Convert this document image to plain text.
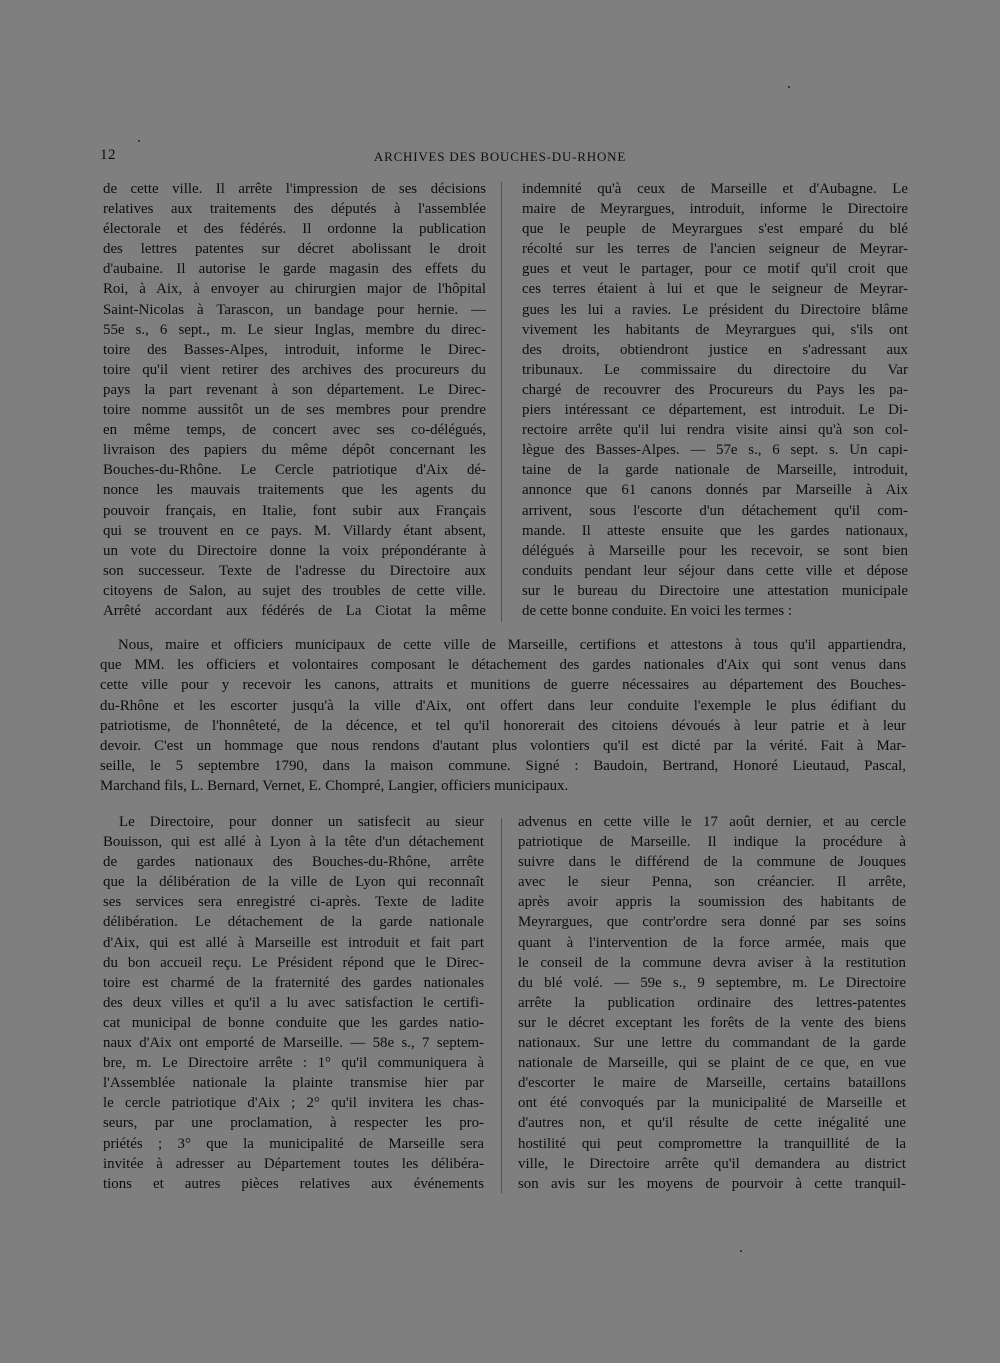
12	ARCHIVES DES BOUCHES-DU-RHONE
de cette ville. Il arrête l'impression de ses décisions
relatives aux traitements des députés à l'assemblée
électorale et des fédérés. Il ordonne la publication
des lettres patentes sur décret abolissant le droit
d'aubaine. Il autorise le garde magasin des effets du
Roi, à Aix, à envoyer au chirurgien major de l'hôpital
Saint-Nicolas à Tarascon, un bandage pour hernie. —
55e s., 6 sept., m. Le sieur Inglas, membre du direc-
toire des Basses-Alpes, introduit, informe le Direc-
toire qu'il vient retirer des archives des procureurs du
pays la part revenant à son département. Le Direc-
toire nomme aussitôt un de ses membres pour prendre
en même temps, de concert avec ses co-délégués,
livraison des papiers du même dépôt concernant les
Bouches-du-Rhône. Le Cercle patriotique d'Aix dé-
nonce les mauvais traitements que les agents du
pouvoir français, en Italie, font subir aux Français
qui se trouvent en ce pays. M. Villardy étant absent,
un vote du Directoire donne la voix prépondérante à
son successeur. Texte de l'adresse du Directoire aux
citoyens de Salon, au sujet des troubles de cette ville.
Arrêté accordant aux fédérés de La Ciotat la même
indemnité qu'à ceux de Marseille et d'Aubagne. Le
maire de Meyrargues, introduit, informe le Directoire
que le peuple de Meyrargues s'est emparé du blé
récolté sur les terres de l'ancien seigneur de Meyrar-
gues et veut le partager, pour ce motif qu'il croit que
ces terres étaient à lui et que le seigneur de Meyrar-
gues les lui a ravies. Le président du Directoire blâme
vivement les habitants de Meyrargues qui, s'ils ont
des droits, obtiendront justice en s'adressant aux
tribunaux. Le commissaire du directoire du Var
chargé de recouvrer des Procureurs du Pays les pa-
piers intéressant ce département, est introduit. Le Di-
rectoire arrête qu'il lui rendra visite ainsi qu'à son col-
lègue des Basses-Alpes. — 57e s., 6 sept. s. Un capi-
taine de la garde nationale de Marseille, introduit,
annonce que 61 canons donnés par Marseille à Aix
arrivent, sous l'escorte d'un détachement qu'il com-
mande. Il atteste ensuite que les gardes nationaux,
délégués à Marseille pour les recevoir, se sont bien
conduits pendant leur séjour dans cette ville et dépose
sur le bureau du Directoire une attestation municipale
de cette bonne conduite. En voici les termes :
Nous, maire et officiers municipaux de cette ville de Marseille, certifions et attestons à tous qu'il appartiendra,
que MM. les officiers et volontaires composant le détachement des gardes nationales d'Aix qui sont venus dans
cette ville pour y recevoir les canons, attraits et munitions de guerre nécessaires au département des Bouches-
du-Rhône et les escorter jusqu'à la ville d'Aix, ont offert dans leur conduite l'exemple le plus édifiant du
patriotisme, de l'honnêteté, de la décence, et tel qu'il honorerait des citoiens dévoués à leur patrie et à leur
devoir. C'est un hommage que nous rendons d'autant plus volontiers qu'il est dicté par la vérité. Fait à Mar-
seille, le 5 septembre 1790, dans la maison commune. Signé : Baudoin, Bertrand, Honoré Lieutaud, Pascal,
Marchand fils, L. Bernard, Vernet, E. Chompré, Langier, officiers municipaux.
Le Directoire, pour donner un satisfecit au sieur
Bouisson, qui est allé à Lyon à la tête d'un détachement
de gardes nationaux des Bouches-du-Rhône, arrête
que la délibération de la ville de Lyon qui reconnaît
ses services sera enregistré ci-après. Texte de ladite
délibération. Le détachement de la garde nationale
d'Aix, qui est allé à Marseille est introduit et fait part
du bon accueil reçu. Le Président répond que le Direc-
toire est charmé de la fraternité des gardes nationales
des deux villes et qu'il a lu avec satisfaction le certifi-
cat municipal de bonne conduite que les gardes natio-
naux d'Aix ont emporté de Marseille. — 58e s., 7 septem-
bre, m. Le Directoire arrête : 1° qu'il communiquera à
l'Assemblée nationale la plainte transmise hier par
le cercle patriotique d'Aix ; 2° qu'il invitera les chas-
seurs, par une proclamation, à respecter les pro-
priétés ; 3° que la municipalité de Marseille sera
invitée à adresser au Département toutes les délibéra-
tions et autres pièces relatives aux événements
advenus en cette ville le 17 août dernier, et au cercle
patriotique de Marseille. Il indique la procédure à
suivre dans le différend de la commune de Jouques
avec le sieur Penna, son créancier. Il arrête,
après avoir appris la soumission des habitants de
Meyrargues, que contr'ordre sera donné par ses soins
quant à l'intervention de la force armée, mais que
le conseil de la commune devra aviser à la restitution
du blé volé. — 59e s., 9 septembre, m. Le Directoire
arrête la publication ordinaire des lettres-patentes
sur le décret exceptant les forêts de la vente des biens
nationaux. Sur une lettre du commandant de la garde
nationale de Marseille, qui se plaint de ce que, en vue
d'escorter le maire de Marseille, certains bataillons
ont été convoqués par la municipalité de Marseille et
d'autres non, et qu'il résulte de cette inégalité une
hostilité qui peut compromettre la tranquillité de la
ville, le Directoire arrête qu'il demandera au district
son avis sur les moyens de pourvoir à cette tranquil-
